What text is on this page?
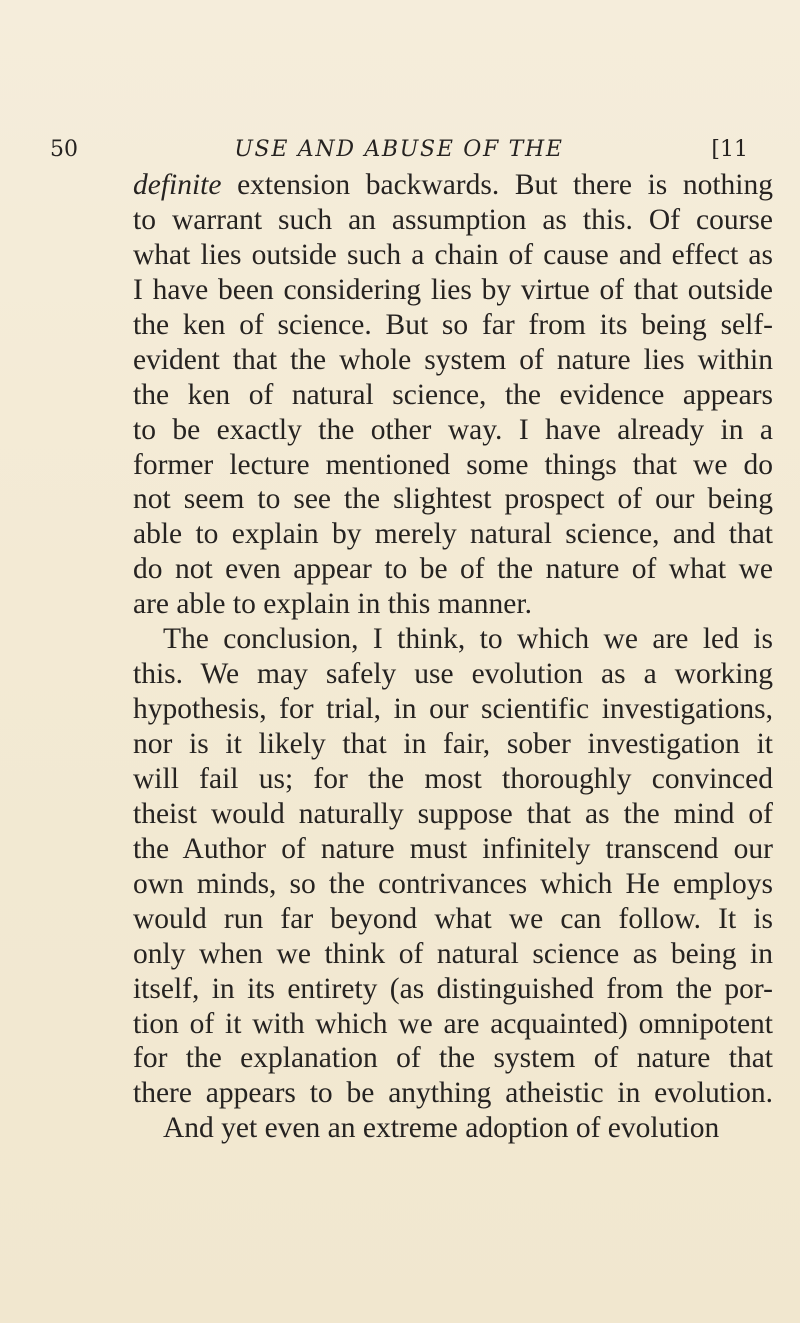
50	USE AND ABUSE OF THE	[11
definite extension backwards. But there is nothing
to warrant such an assumption as this. Of course
what lies outside such a chain of cause and effect as
I have been considering lies by virtue of that outside
the ken of science. But so far from its being self-
evident that the whole system of nature lies within
the ken of natural science, the evidence appears
to be exactly the other way. I have already in a
former lecture mentioned some things that we do
not seem to see the slightest prospect of our being
able to explain by merely natural science, and that
do not even appear to be of the nature of what we
are able to explain in this manner.
The conclusion, I think, to which we are led is
this. We may safely use evolution as a working
hypothesis, for trial, in our scientific investigations,
nor is it likely that in fair, sober investigation it
will fail us; for the most thoroughly convinced
theist would naturally suppose that as the mind of
the Author of nature must infinitely transcend our
own minds, so the contrivances which He employs
would run far beyond what we can follow. It is
only when we think of natural science as being in
itself, in its entirety (as distinguished from the por-
tion of it with which we are acquainted) omnipotent
for the explanation of the system of nature that
there appears to be anything atheistic in evolution.
And yet even an extreme adoption of evolution
